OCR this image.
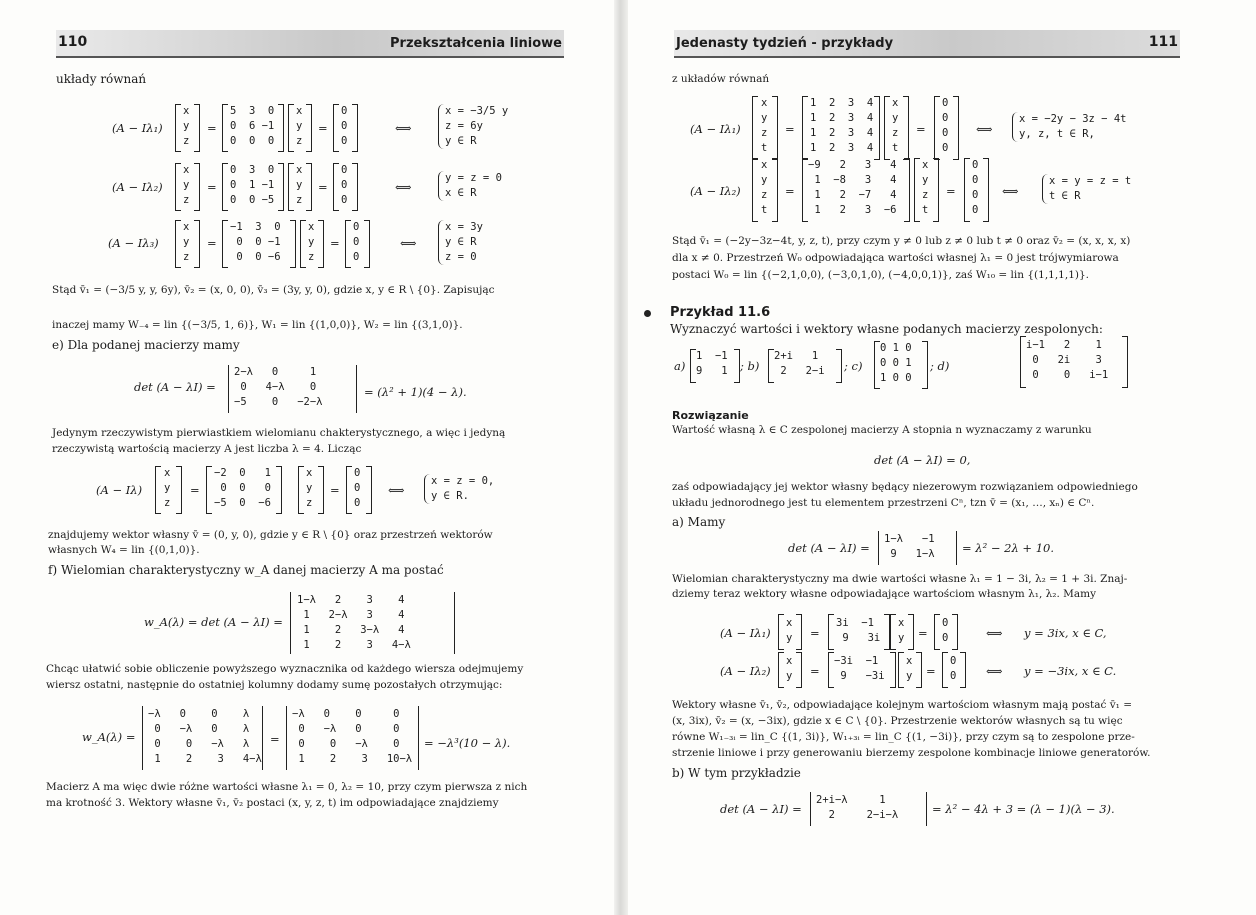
110	Przekształcenia liniowe
układy równań
(A − Iλ₁)
x
y
z
=
5  3  0
0  6 −1
0  0  0
x
y
z
=
0
0
0
⟺
x = −3/5 y
z = 6y
y ∈ R
(A − Iλ₂)
x
y
z
=
0  3  0
0  1 −1
0  0 −5
x
y
z
=
0
0
0
⟺
y = z = 0
x ∈ R
(A − Iλ₃)
x
y
z
=
−1  3  0
0  0 −1
0  0 −6
x
y
z
=
0
0
0
⟺
x = 3y
y ∈ R
z = 0
Stąd v̄₁ = (−3/5 y, y, 6y), v̄₂ = (x, 0, 0), v̄₃ = (3y, y, 0), gdzie x, y ∈ R \ {0}. Zapisując
inaczej mamy W₋₄ = lin {(−3/5, 1, 6)}, W₁ = lin {(1,0,0)}, W₂ = lin {(3,1,0)}.
e) Dla podanej macierzy mamy
det (A − λI) =
2−λ   0     1
0   4−λ    0
−5    0   −2−λ
= (λ² + 1)(4 − λ).
Jedynym rzeczywistym pierwiastkiem wielomianu chakterystycznego, a więc i jedyną
rzeczywistą wartością macierzy A jest liczba λ = 4. Licząc
(A − Iλ)
x
y
z
=
−2  0   1
0  0   0
−5  0  −6
x
y
z
=
0
0
0
⟺
x = z = 0,
y ∈ R.
znajdujemy wektor własny v̄ = (0, y, 0), gdzie y ∈ R \ {0} oraz przestrzeń wektorów
własnych W₄ = lin {(0,1,0)}.
f) Wielomian charakterystyczny w_A danej macierzy A ma postać
w_A(λ) = det (A − λI) =
1−λ   2    3    4
1   2−λ   3    4
1    2   3−λ   4
1    2    3   4−λ
Chcąc ułatwić sobie obliczenie powyższego wyznacznika od każdego wiersza odejmujemy
wiersz ostatni, następnie do ostatniej kolumny dodamy sumę pozostałych otrzymując:
w_A(λ) =
−λ   0    0    λ
0   −λ   0    λ
0    0   −λ   λ
1    2    3   4−λ
=
−λ   0    0     0
0   −λ   0     0
0    0   −λ    0
1    2    3   10−λ
= −λ³(10 − λ).
Macierz A ma więc dwie różne wartości własne λ₁ = 0, λ₂ = 10, przy czym pierwsza z nich
ma krotność 3. Wektory własne v̄₁, v̄₂ postaci (x, y, z, t) im odpowiadające znajdziemy
Jedenasty tydzień - przykłady	111
z układów równań
(A − Iλ₁)
x
y
z
t
=
1  2  3  4
1  2  3  4
1  2  3  4
1  2  3  4
x
y
z
t
=
0
0
0
0
⟺
x = −2y − 3z − 4t
y, z, t ∈ R,
(A − Iλ₂)
x
y
z
t
=
−9   2   3   4
1  −8   3   4
1   2  −7   4
1   2   3  −6
x
y
z
t
=
0
0
0
0
⟺
x = y = z = t
t ∈ R
Stąd v̄₁ = (−2y−3z−4t, y, z, t), przy czym y ≠ 0 lub z ≠ 0 lub t ≠ 0 oraz v̄₂ = (x, x, x, x)
dla x ≠ 0. Przestrzeń W₀ odpowiadająca wartości własnej λ₁ = 0 jest trójwymiarowa
postaci W₀ = lin {(−2,1,0,0), (−3,0,1,0), (−4,0,0,1)}, zaś W₁₀ = lin {(1,1,1,1)}.
Przykład 11.6
Wyznaczyć wartości i wektory własne podanych macierzy zespolonych:
a)
1  −1
9   1 ; b)
2+i   1
2   2−i ; c)
0 1 0
0 0 1
1 0 0
; d)
i−1   2    1
0   2i    3
0    0   i−1
Rozwiązanie
Wartość własną λ ∈ C zespolonej macierzy A stopnia n wyznaczamy z warunku
det (A − λI) = 0,
zaś odpowiadający jej wektor własny będący niezerowym rozwiązaniem odpowiedniego
układu jednorodnego jest tu elementem przestrzeni Cⁿ, tzn v̄ = (x₁, …, xₙ) ∈ Cⁿ.
a) Mamy
det (A − λI) =
1−λ   −1
9   1−λ = λ² − 2λ + 10.
Wielomian charakterystyczny ma dwie wartości własne λ₁ = 1 − 3i, λ₂ = 1 + 3i. Znaj-
dziemy teraz wektory własne odpowiadające wartościom własnym λ₁, λ₂. Mamy
(A − Iλ₁)
x
y =
3i  −1
9   3i
x
y =
0
0	⟺ y = 3ix, x ∈ C,
(A − Iλ₂)
x
y =
−3i  −1
9   −3i
x
y =
0
0	⟺ y = −3ix, x ∈ C.
Wektory własne v̄₁, v̄₂, odpowiadające kolejnym wartościom własnym mają postać v̄₁ =
(x, 3ix), v̄₂ = (x, −3ix), gdzie x ∈ C \ {0}. Przestrzenie wektorów własnych są tu więc
równe W₁₋₃ᵢ = lin_C {(1, 3i)}, W₁₊₃ᵢ = lin_C {(1, −3i)}, przy czym są to zespolone prze-
strzenie liniowe i przy generowaniu bierzemy zespolone kombinacje liniowe generatorów.
b) W tym przykładzie
det (A − λI) =
2+i−λ     1
2     2−i−λ	= λ² − 4λ + 3 = (λ − 1)(λ − 3).
